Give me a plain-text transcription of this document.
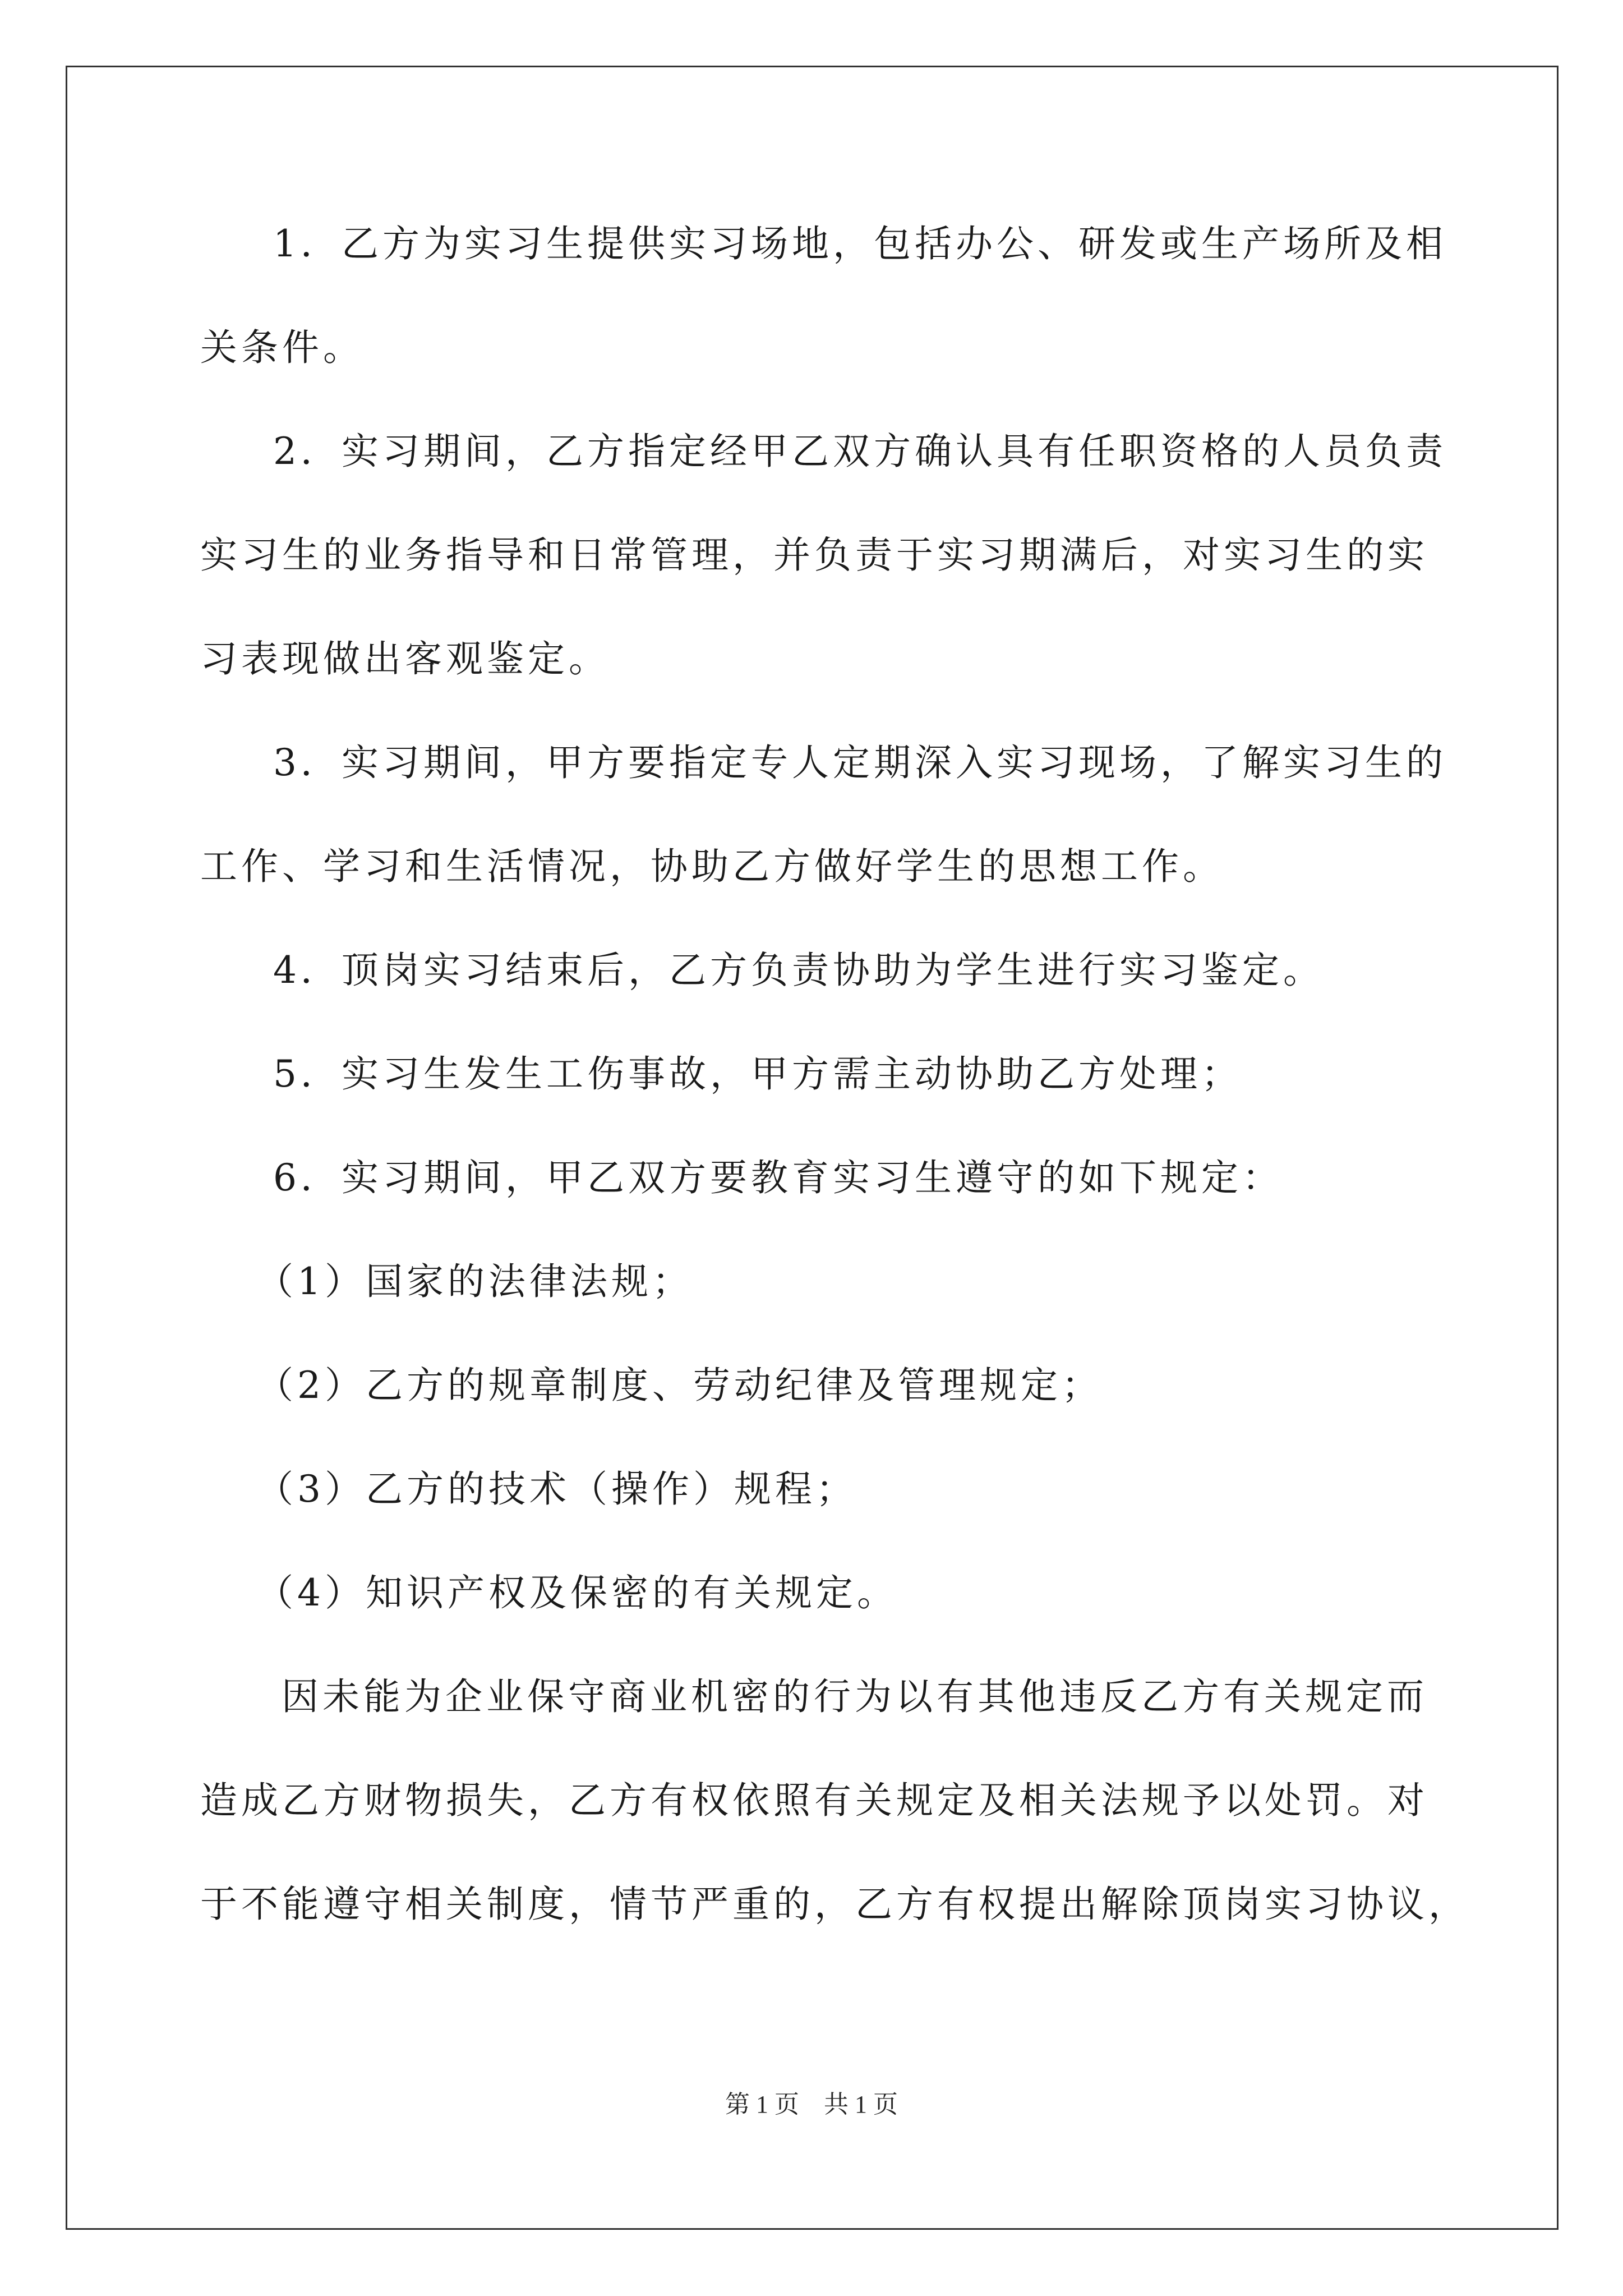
1．乙方为实习生提供实习场地，包括办公、研发或生产场所及相
关条件。
2．实习期间，乙方指定经甲乙双方确认具有任职资格的人员负责
实习生的业务指导和日常管理，并负责于实习期满后，对实习生的实
习表现做出客观鉴定。
3．实习期间，甲方要指定专人定期深入实习现场，了解实习生的
工作、学习和生活情况，协助乙方做好学生的思想工作。
4．顶岗实习结束后，乙方负责协助为学生进行实习鉴定。
5．实习生发生工伤事故，甲方需主动协助乙方处理；
6．实习期间，甲乙双方要教育实习生遵守的如下规定：
（1）国家的法律法规；
（2）乙方的规章制度、劳动纪律及管理规定；
（3）乙方的技术（操作）规程；
（4）知识产权及保密的有关规定。
因未能为企业保守商业机密的行为以有其他违反乙方有关规定而
造成乙方财物损失，乙方有权依照有关规定及相关法规予以处罚。对
于不能遵守相关制度，情节严重的，乙方有权提出解除顶岗实习协议，
第 1 页　共 1 页
